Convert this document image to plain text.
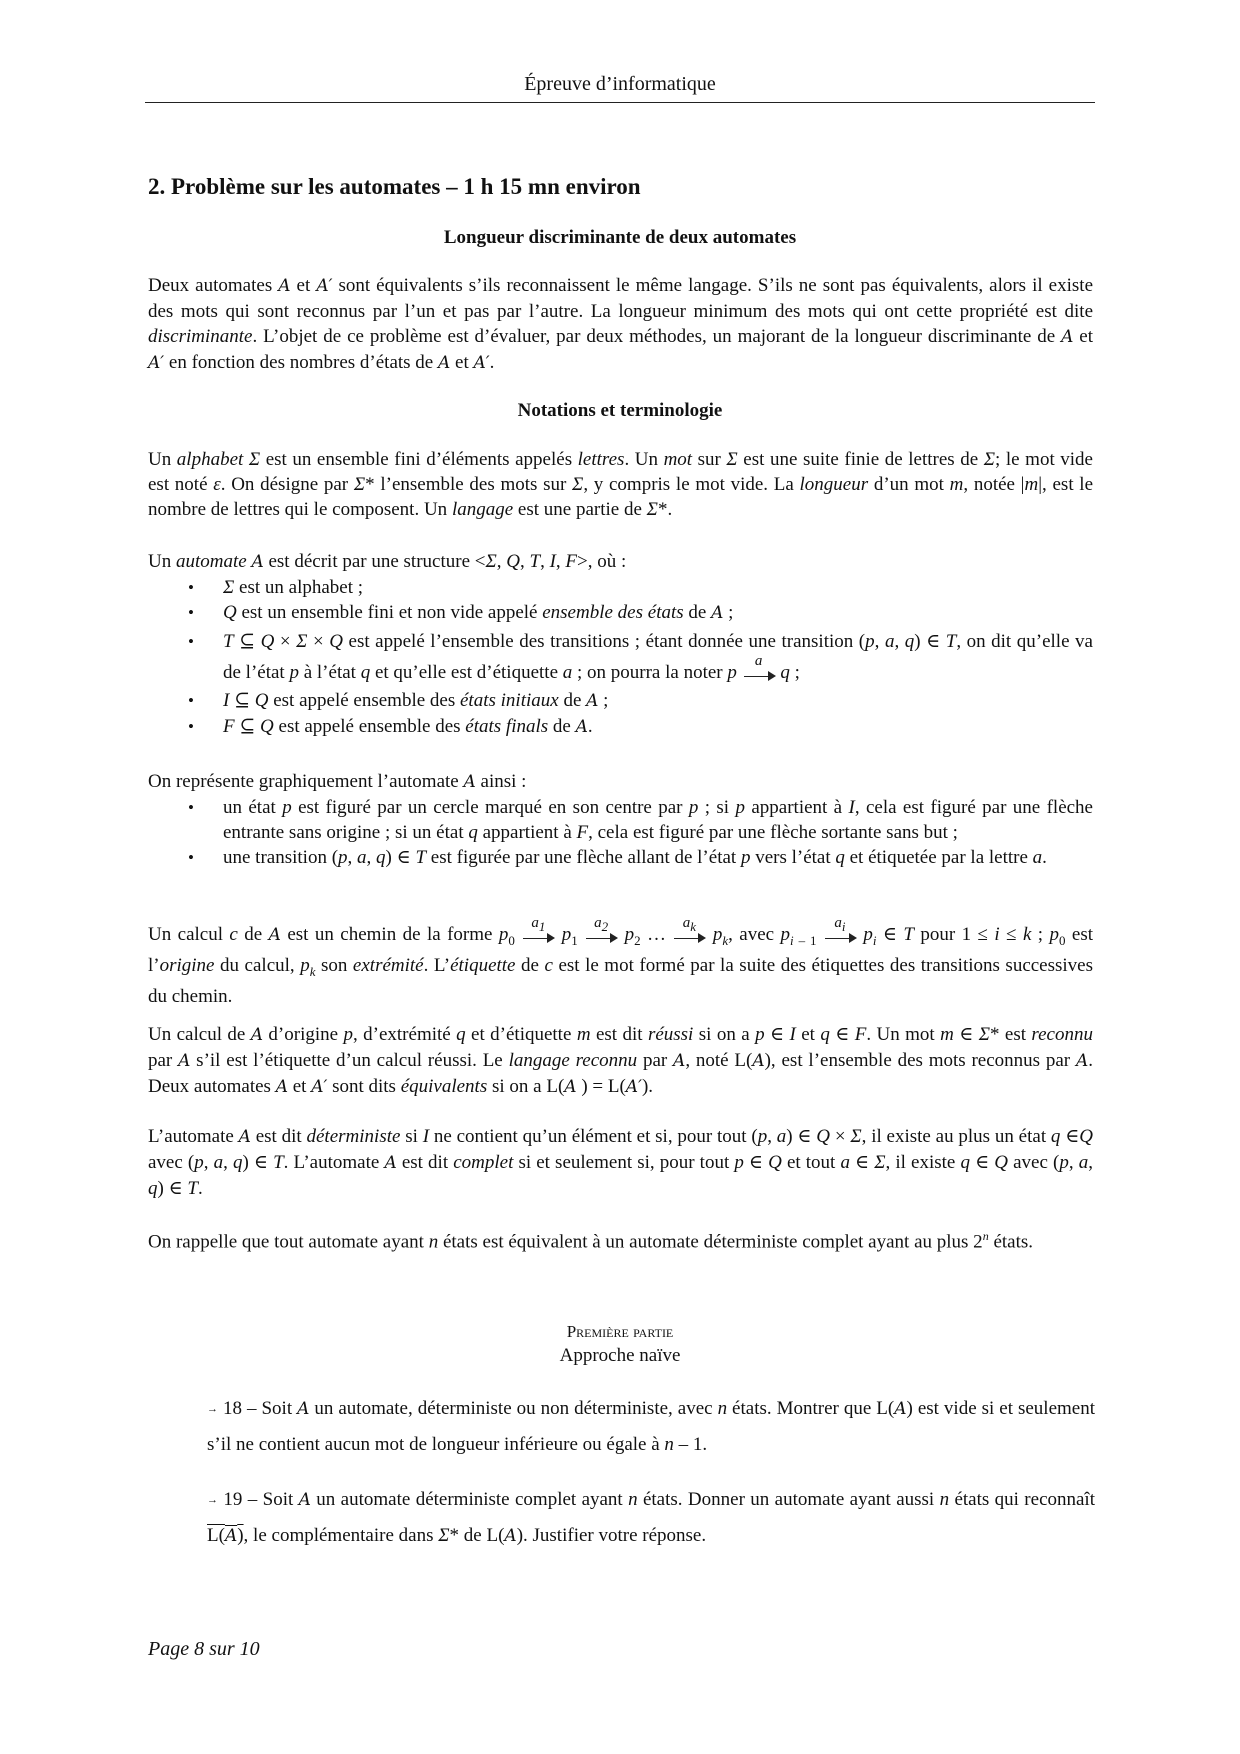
Épreuve d’informatique
2. Problème sur les automates – 1 h 15 mn environ
Longueur discriminante de deux automates
Deux automates A et A′ sont équivalents s’ils reconnaissent le même langage. S’ils ne sont pas équivalents, alors il existe des mots qui sont reconnus par l’un et pas par l’autre. La longueur minimum des mots qui ont cette propriété est dite discriminante. L’objet de ce problème est d’évaluer, par deux méthodes, un majorant de la longueur discriminante de A et A′ en fonction des nombres d’états de A et A′.
Notations et terminologie
Un alphabet Σ est un ensemble fini d’éléments appelés lettres. Un mot sur Σ est une suite finie de lettres de Σ; le mot vide est noté ε. On désigne par Σ* l’ensemble des mots sur Σ, y compris le mot vide. La longueur d’un mot m, notée |m|, est le nombre de lettres qui le composent. Un langage est une partie de Σ*.
Un automate A est décrit par une structure <Σ, Q, T, I, F>, où :
• Σ est un alphabet ;
• Q est un ensemble fini et non vide appelé ensemble des états de A ;
• T ⊆ Q × Σ × Q est appelé l’ensemble des transitions ; étant donnée une transition (p, a, q) ∈ T, on dit qu’elle va de l’état p à l’état q et qu’elle est d’étiquette a ; on pourra la noter p
a
q ;
• I ⊆ Q est appelé ensemble des états initiaux de A ;
• F ⊆ Q est appelé ensemble des états finals de A.
On représente graphiquement l’automate A ainsi :
• un état p est figuré par un cercle marqué en son centre par p ; si p appartient à I, cela est figuré par une flèche entrante sans origine ; si un état q appartient à F, cela est figuré par une flèche sortante sans but ;
• une transition (p, a, q) ∈ T est figurée par une flèche allant de l’état p vers l’état q et étiquetée par la lettre a.
Un calcul c de A est un chemin de la forme $p_0$
$a_1$ $p_1$
$a_2$ $p_2$ …
$a_k$ $p_k$, avec $p_{i - 1}$
$a_i$ $p_i$ ∈ T pour 1 ≤ i ≤ k ; $p_0$ est l’origine du calcul, $p_k$ son extrémité. L’étiquette de c est le mot formé par la suite des étiquettes des transitions successives du chemin.
Un calcul de A d’origine p, d’extrémité q et d’étiquette m est dit réussi si on a p ∈ I et q ∈ F. Un mot m ∈ Σ* est reconnu par A s’il est l’étiquette d’un calcul réussi. Le langage reconnu par A, noté L(A), est l’ensemble des mots reconnus par A. Deux automates A et A′ sont dits équivalents si on a L(A ) = L(A′).
L’automate A est dit déterministe si I ne contient qu’un élément et si, pour tout (p, a) ∈ Q × Σ, il existe au plus un état q ∈Q avec (p, a, q) ∈ T. L’automate A est dit complet si et seulement si, pour tout p ∈ Q et tout a ∈ Σ, il existe q ∈ Q avec (p, a, q) ∈ T.
On rappelle que tout automate ayant n états est équivalent à un automate déterministe complet ayant au plus 2$^n$ états.
Première partie
Approche naïve
→ 18 – Soit A un automate, déterministe ou non déterministe, avec n états. Montrer que L(A) est vide si et seulement s’il ne contient aucun mot de longueur inférieure ou égale à n – 1.
→ 19 – Soit A un automate déterministe complet ayant n états. Donner un automate ayant aussi n états qui reconnaît L(A), le complémentaire dans Σ* de L(A). Justifier votre réponse.
Page 8 sur 10
